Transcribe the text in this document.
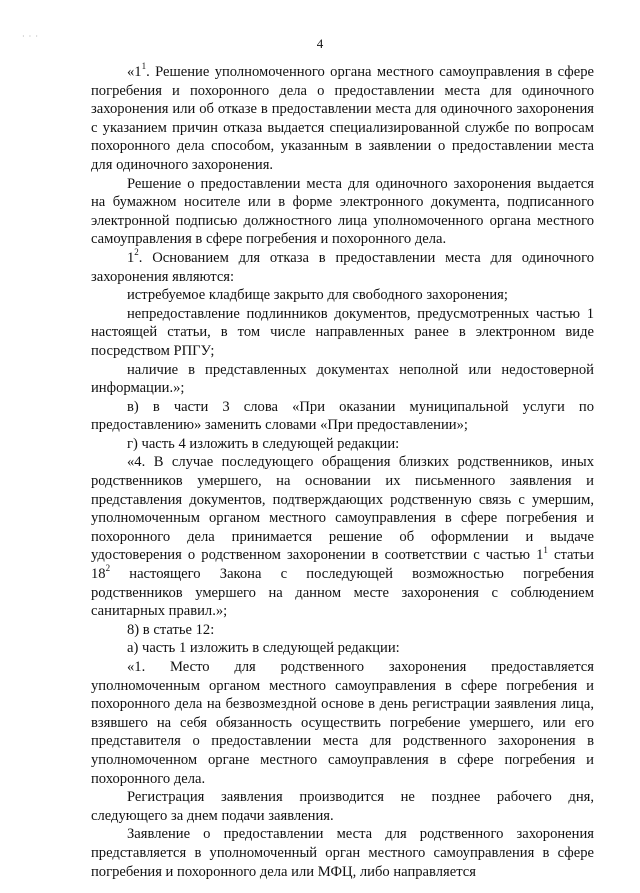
· · ·	4

«$1^1$. Решение уполномоченного органа местного самоуправления в сфере погребения и похоронного дела о предоставлении места для одиночного захоронения или об отказе в предоставлении места для одиночного захоронения с указанием причин отказа выдается специализированной службе по вопросам похоронного дела способом, указанным в заявлении о предоставлении места для одиночного захоронения.

Решение о предоставлении места для одиночного захоронения выдается на бумажном носителе или в форме электронного документа, подписанного электронной подписью должностного лица уполномоченного органа местного самоуправления в сфере погребения и похоронного дела.

$1^2$. Основанием для отказа в предоставлении места для одиночного захоронения являются:

истребуемое кладбище закрыто для свободного захоронения;

непредоставление подлинников документов, предусмотренных частью 1 настоящей статьи, в том числе направленных ранее в электронном виде посредством РПГУ;

наличие в представленных документах неполной или недостоверной информации.»;

в) в части 3 слова «При оказании муниципальной услуги по предоставлению» заменить словами «При предоставлении»;

г) часть 4 изложить в следующей редакции:

«4. В случае последующего обращения близких родственников, иных родственников умершего, на основании их письменного заявления и представления документов, подтверждающих родственную связь с умершим, уполномоченным органом местного самоуправления в сфере погребения и похоронного дела принимается решение об оформлении и выдаче удостоверения о родственном захоронении в соответствии с частью $1^1$ статьи $18^2$ настоящего Закона с последующей возможностью погребения родственников умершего на данном месте захоронения с соблюдением санитарных правил.»;

8) в статье 12:

а) часть 1 изложить в следующей редакции:

«1. Место для родственного захоронения предоставляется уполномоченным органом местного самоуправления в сфере погребения и похоронного дела на безвозмездной основе в день регистрации заявления лица, взявшего на себя обязанность осуществить погребение умершего, или его представителя о предоставлении места для родственного захоронения в уполномоченном органе местного самоуправления в сфере погребения и похоронного дела.

Регистрация заявления производится не позднее рабочего дня, следующего за днем подачи заявления.

Заявление о предоставлении места для родственного захоронения представляется в уполномоченный орган местного самоуправления в сфере погребения и похоронного дела или МФЦ, либо направляется
